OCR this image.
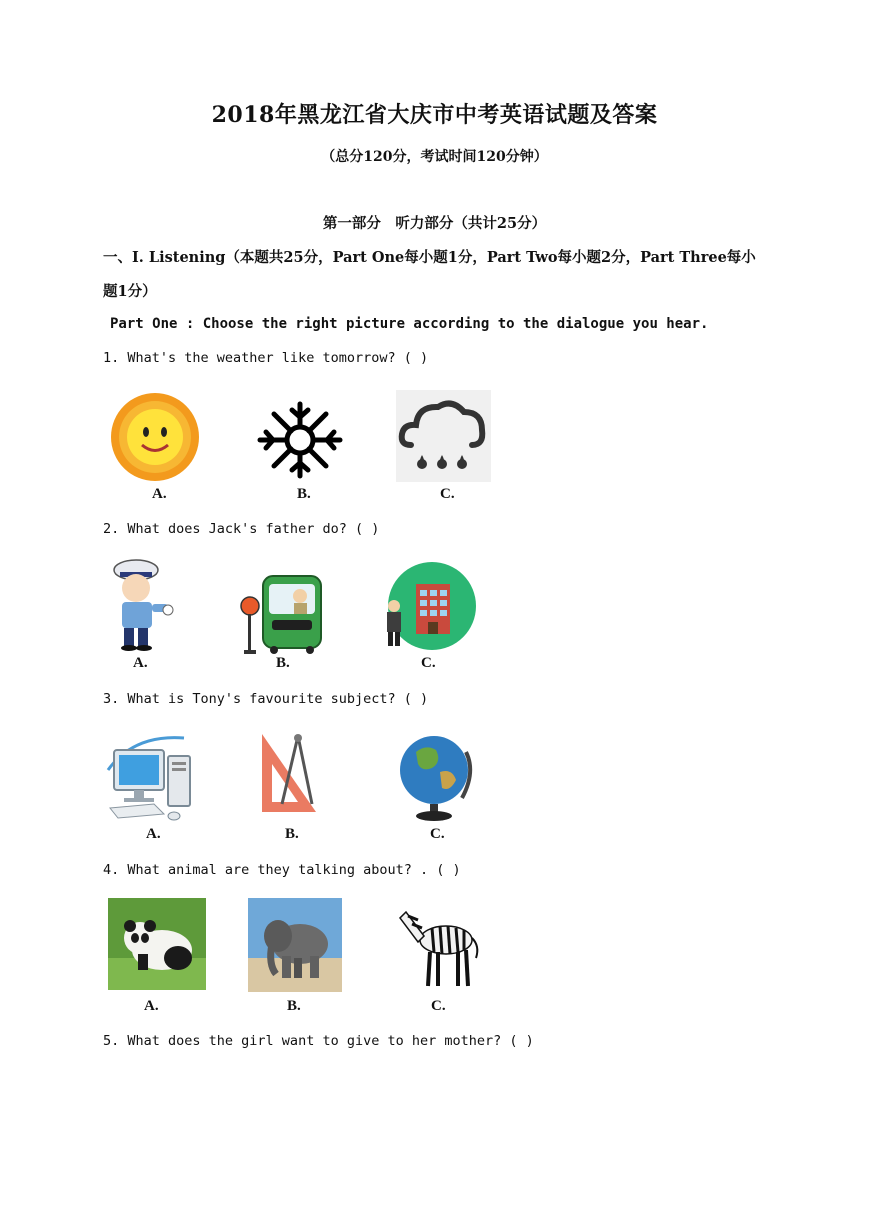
2018年黑龙江省大庆市中考英语试题及答案
（总分120分，考试时间120分钟）
第一部分　听力部分（共计25分）
一、I. Listening（本题共25分，Part One每小题1分，Part Two每小题2分，Part Three每小
题1分）
Part One : Choose the right picture according to the dialogue you hear.
1. What's the weather like tomorrow? ( )
A.	B.	C.
2. What does Jack's father do? ( )
A.	B.	C.
3. What is Tony's favourite subject? ( )
A.	B.	C.
4. What animal are they talking about? . ( )
A.	B.	C.
5. What does the girl want to give to her mother? ( )
